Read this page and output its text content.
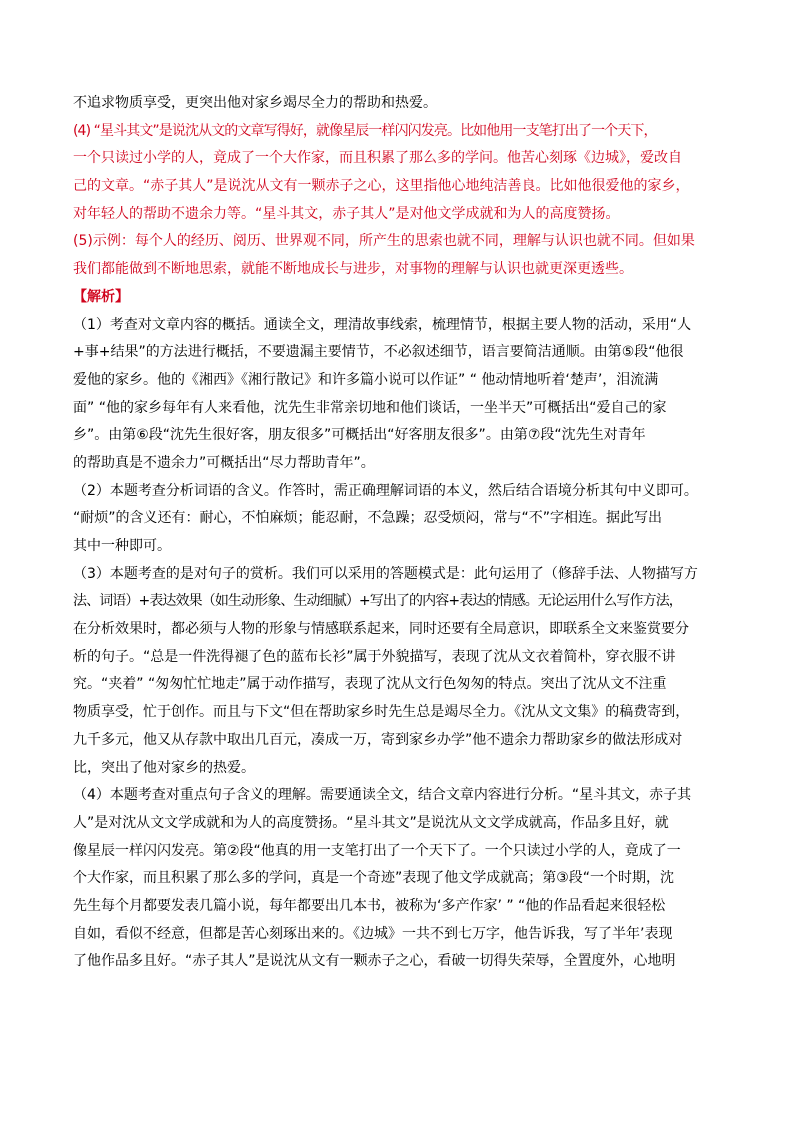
不追求物质享受，更突出他对家乡竭尽全力的帮助和热爱。
(4) “星斗其文”是说沈从文的文章写得好，就像星辰一样闪闪发亮。比如他用一支笔打出了一个天下，
一个只读过小学的人，竟成了一个大作家，而且积累了那么多的学问。他苦心刻琢《边城》，爱改自
己的文章。“赤子其人”是说沈从文有一颗赤子之心，这里指他心地纯洁善良。比如他很爱他的家乡，
对年轻人的帮助不遗余力等。“星斗其文，赤子其人”是对他文学成就和为人的高度赞扬。
(5)示例：每个人的经历、阅历、世界观不同，所产生的思索也就不同，理解与认识也就不同。但如果
我们都能做到不断地思索，就能不断地成长与进步，对事物的理解与认识也就更深更透些。
【解析】
（1）考查对文章内容的概括。通读全文，理清故事线索，梳理情节，根据主要人物的活动，采用“人
+事+结果”的方法进行概括，不要遗漏主要情节，不必叙述细节，语言要简洁通顺。由第⑤段“他很
爱他的家乡。他的《湘西》《湘行散记》和许多篇小说可以作证” “ 他动情地听着‘楚声’，泪流满
面” “他的家乡每年有人来看他，沈先生非常亲切地和他们谈话，一坐半天”可概括出“爱自己的家
乡”。由第⑥段“沈先生很好客，朋友很多”可概括出“好客朋友很多”。由第⑦段“沈先生对青年
的帮助真是不遗余力”可概括出“尽力帮助青年”。
（2）本题考查分析词语的含义。作答时，需正确理解词语的本义，然后结合语境分析其句中义即可。
“耐烦”的含义还有：耐心，不怕麻烦；能忍耐，不急躁；忍受烦闷，常与“不”字相连。据此写出
其中一种即可。
（3）本题考查的是对句子的赏析。我们可以采用的答题模式是：此句运用了（修辞手法、人物描写方
法、词语）+表达效果（如生动形象、生动细腻）+写出了的内容+表达的情感。无论运用什么写作方法，
在分析效果时，都必须与人物的形象与情感联系起来，同时还要有全局意识，即联系全文来鉴赏要分
析的句子。“总是一件洗得褪了色的蓝布长衫”属于外貌描写，表现了沈从文衣着简朴，穿衣服不讲
究。“夹着” “匆匆忙忙地走”属于动作描写，表现了沈从文行色匆匆的特点。突出了沈从文不注重
物质享受，忙于创作。而且与下文“但在帮助家乡时先生总是竭尽全力。《沈从文文集》的稿费寄到，
九千多元，他又从存款中取出几百元，凑成一万，寄到家乡办学”他不遗余力帮助家乡的做法形成对
比，突出了他对家乡的热爱。
（4）本题考查对重点句子含义的理解。需要通读全文，结合文章内容进行分析。“星斗其文，赤子其
人”是对沈从文文学成就和为人的高度赞扬。“星斗其文”是说沈从文文学成就高，作品多且好，就
像星辰一样闪闪发亮。第②段“他真的用一支笔打出了一个天下了。一个只读过小学的人，竟成了一
个大作家，而且积累了那么多的学问，真是一个奇迹”表现了他文学成就高；第③段“一个时期，沈
先生每个月都要发表几篇小说，每年都要出几本书，被称为‘多产作家’ ” “他的作品看起来很轻松
自如，看似不经意，但都是苦心刻琢出来的。《边城》一共不到七万字，他告诉我，写了半年’表现
了他作品多且好。“赤子其人”是说沈从文有一颗赤子之心，看破一切得失荣辱，全置度外，心地明
